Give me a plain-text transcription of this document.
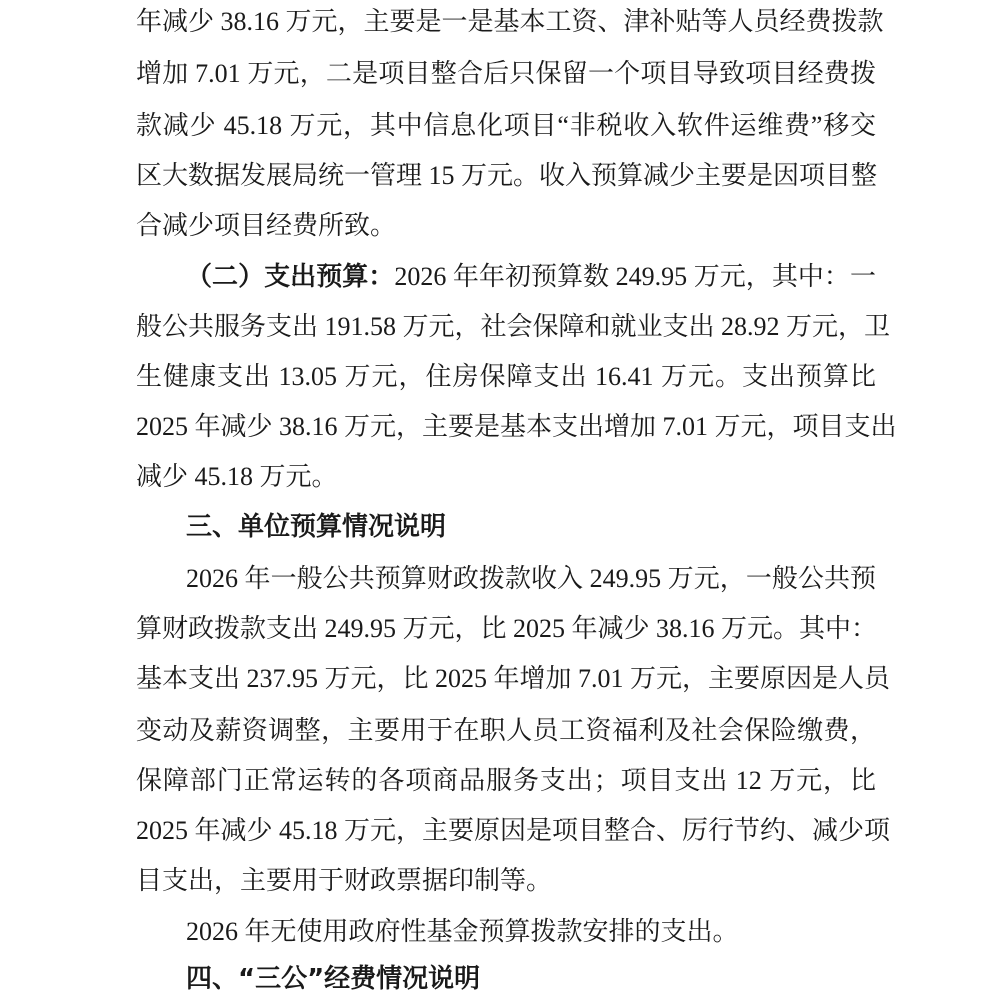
年减少 38.16 万元，主要是一是基本工资、津补贴等人员经费拨款
增加 7.01 万元，二是项目整合后只保留一个项目导致项目经费拨
款减少 45.18 万元，其中信息化项目“非税收入软件运维费”移交
区大数据发展局统一管理 15 万元。收入预算减少主要是因项目整
合减少项目经费所致。
（二）支出预算：2026 年年初预算数 249.95 万元，其中：一
般公共服务支出 191.58 万元，社会保障和就业支出 28.92 万元，卫
生健康支出 13.05 万元，住房保障支出 16.41 万元。支出预算比
2025 年减少 38.16 万元，主要是基本支出增加 7.01 万元，项目支出
减少 45.18 万元。
三、单位预算情况说明
2026 年一般公共预算财政拨款收入 249.95 万元，一般公共预
算财政拨款支出 249.95 万元，比 2025 年减少 38.16 万元。其中：
基本支出 237.95 万元，比 2025 年增加 7.01 万元，主要原因是人员
变动及薪资调整，主要用于在职人员工资福利及社会保险缴费，
保障部门正常运转的各项商品服务支出；项目支出 12 万元，比
2025 年减少 45.18 万元，主要原因是项目整合、厉行节约、减少项
目支出，主要用于财政票据印制等。
2026 年无使用政府性基金预算拨款安排的支出。
四、“三公”经费情况说明
